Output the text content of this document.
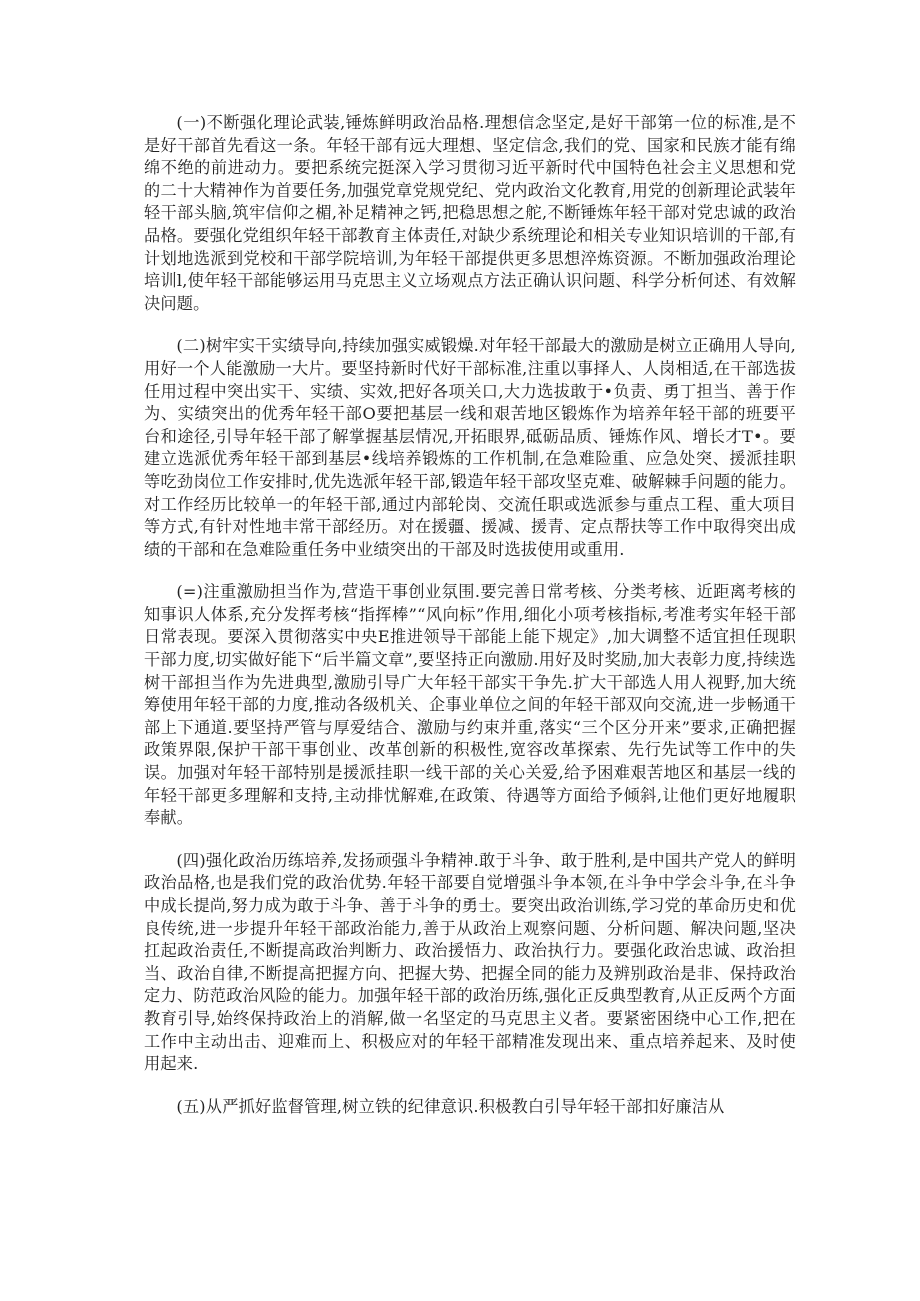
(一)不断强化理论武装,锤炼鲜明政治品格.理想信念坚定,是好干部第一位的标准,是不是好干部首先看这一条。年轻干部有远大理想、坚定信念,我们的党、国家和民族才能有绵绵不绝的前进动力。要把系统完挺深入学习贯彻习近平新时代中国特色社会主义思想和党的二十大精神作为首要任务,加强党章党规党纪、党内政治文化教育,用党的创新理论武装年轻干部头脑,筑牢信仰之楣,补足精神之钙,把稳思想之舵,不断锤炼年轻干部对党忠诚的政治品格。要强化党组织年轻干部教育主体责任,对缺少系统理论和相关专业知识培训的干部,有计划地选派到党校和干部学院培训,为年轻干部提供更多思想淬炼资源。不断加强政治理论培训l,使年轻干部能够运用马克思主义立场观点方法正确认识问题、科学分析何述、有效解决问题。

(二)树牢实干实绩导向,持续加强实威锻燥.对年轻干部最大的激励是树立正确用人导向,用好一个人能激励一大片。要坚持新时代好干部标准,注重以事择人、人岗相适,在干部选拔任用过程中突出实干、实绩、实效,把好各项关口,大力选拔敢于•负责、勇丁担当、善于作为、实绩突出的优秀年轻干部O要把基层一线和艰苦地区锻炼作为培养年轻干部的班要平台和途径,引导年轻干部了解掌握基层情况,开拓眼界,砥砺品质、锤炼作风、增长才T•。要建立选派优秀年轻干部到基层•线培养锻炼的工作机制,在急难险重、应急处突、援派挂职等吃劲岗位工作安排时,优先选派年轻干部,锻造年轻干部攻坚克难、破解棘手问题的能力。对工作经历比较单一的年轻干部,通过内部轮岗、交流任职或选派参与重点工程、重大项目等方式,有针对性地丰常干部经历。对在援疆、援减、援青、定点帮扶等工作中取得突出成绩的干部和在急难险重任务中业绩突出的干部及时选拔使用或重用.

(=)注重激励担当作为,营造干事创业氛围.要完善日常考核、分类考核、近距离考核的知事识人体系,充分发挥考核“指挥棒”“风向标”作用,细化小项考核指标,考准考实年轻干部日常表现。要深入贯彻落实中央E推进领导干部能上能下规定》,加大调整不适宜担任现职干部力度,切实做好能下“后半篇文章”,要坚持正向激励.用好及时奖励,加大表彰力度,持续选树干部担当作为先进典型,激励引导广大年轻干部实干争先.扩大干部选人用人视野,加大统筹使用年轻干部的力度,推动各级机关、企事业单位之间的年轻干部双向交流,进一步畅通干部上下通道.要坚持严管与厚爱结合、激励与约束并重,落实“三个区分开来”要求,正确把握政策界限,保护干部干事创业、改革创新的积极性,宽容改革探索、先行先试等工作中的失误。加强对年轻干部特别是援派挂职一线干部的关心关爱,给予困难艰苦地区和基层一线的年轻干部更多理解和支持,主动排忧解难,在政策、待遇等方面给予倾斜,让他们更好地履职奉献。

(四)强化政治历练培养,发扬顽强斗争精神.敢于斗争、敢于胜利,是中国共产党人的鲜明政治品格,也是我们党的政治优势.年轻干部要自觉增强斗争本领,在斗争中学会斗争,在斗争中成长提尚,努力成为敢于斗争、善于斗争的勇士。要突出政治训练,学习党的革命历史和优良传统,进一步提升年轻干部政治能力,善于从政治上观察问题、分析问题、解决问题,坚决扛起政治责任,不断提高政治判断力、政治援悟力、政治执行力。要强化政治忠诚、政治担当、政治自律,不断提高把握方向、把握大势、把握全同的能力及辨别政治是非、保持政治定力、防范政治风险的能力。加强年轻干部的政治历练,强化正反典型教育,从正反两个方面教育引导,始终保持政治上的消解,做一名坚定的马克思主义者。要紧密困绕中心工作,把在工作中主动出击、迎难而上、积极应对的年轻干部精准发现出来、重点培养起来、及时使用起来.

(五)从严抓好监督管理,树立铁的纪律意识.积极教白引导年轻干部扣好廉洁从
